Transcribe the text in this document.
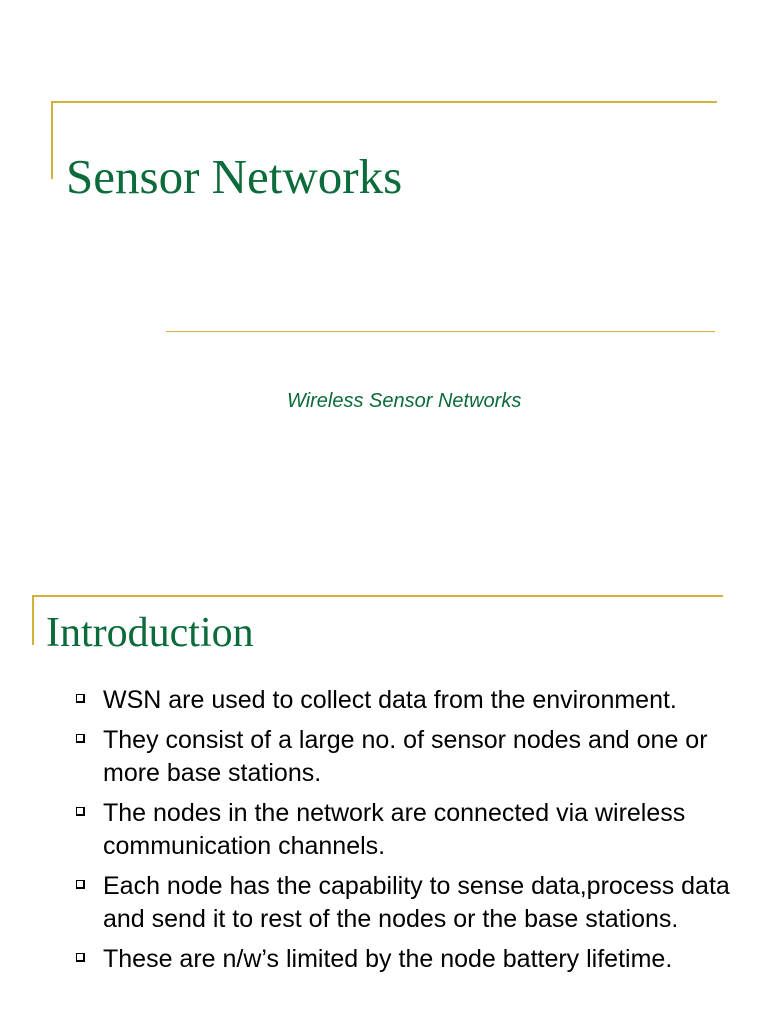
Sensor Networks
Wireless Sensor Networks
Introduction
WSN are used to collect data from the environment.
They consist of a large no. of sensor nodes and one or more base stations.
The nodes in the network are connected via wireless communication channels.
Each node has the capability to sense data,process data and send it to rest of the nodes or the base stations.
These are n/w’s limited by the node battery lifetime.
